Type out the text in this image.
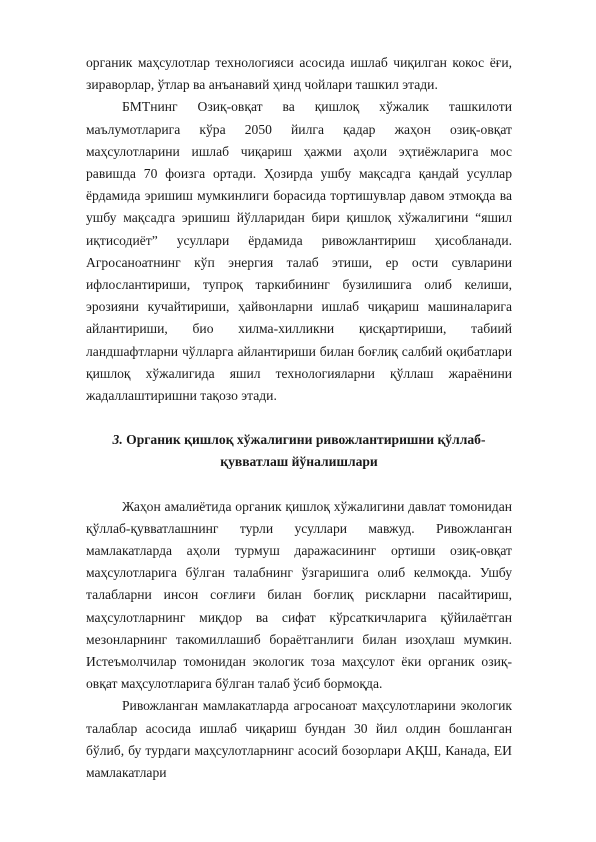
органик маҳсулотлар технологияси асосида ишлаб чиқилган кокос ёғи, зираворлар, ўтлар ва анъанавий ҳинд чойлари ташкил этади.

БМТнинг Озиқ-овқат ва қишлоқ хўжалик ташкилоти маълумотларига кўра 2050 йилга қадар жаҳон озиқ-овқат маҳсулотларини ишлаб чиқариш ҳажми аҳоли эҳтиёжларига мос равишда 70 фоизга ортади. Ҳозирда ушбу мақсадга қандай усуллар ёрдамида эришиш мумкинлиги борасида тортишувлар давом этмоқда ва ушбу мақсадга эришиш йўлларидан бири қишлоқ хўжалигини “яшил иқтисодиёт” усуллари ёрдамида ривожлантириш ҳисобланади. Агросаноатнинг кўп энергия талаб этиши, ер ости сувларини ифлослантириши, тупроқ таркибининг бузилишига олиб келиши, эрозияни кучайтириши, ҳайвонларни ишлаб чиқариш машиналарига айлантириши, био хилма-хилликни қисқартириши, табиий ландшафтларни чўлларга айлантириши билан боғлиқ салбий оқибатлари қишлоқ хўжалигида яшил технологияларни қўллаш жараёнини жадаллаштиришни тақозо этади.

3. Органик қишлоқ хўжалигини ривожлантиришни қўллаб-қувватлаш йўналишлари

Жаҳон амалиётида органик қишлоқ хўжалигини давлат томонидан қўллаб-қувватлашнинг турли усуллари мавжуд. Ривожланган мамлакатларда аҳоли турмуш даражасининг ортиши озиқ-овқат маҳсулотларига бўлган талабнинг ўзгаришига олиб келмоқда. Ушбу талабларни инсон соғлиғи билан боғлиқ рискларни пасайтириш, маҳсулотларнинг миқдор ва сифат кўрсаткичларига қўйилаётган мезонларнинг такомиллашиб бораётганлиги билан изоҳлаш мумкин. Истеъмолчилар томонидан экологик тоза маҳсулот ёки органик озиқ-овқат маҳсулотларига бўлган талаб ўсиб бормоқда.

Ривожланган мамлакатларда агросаноат маҳсулотларини экологик талаблар асосида ишлаб чиқариш бундан 30 йил олдин бошланган бўлиб, бу турдаги маҳсулотларнинг асосий бозорлари АҚШ, Канада, ЕИ мамлакатлари
